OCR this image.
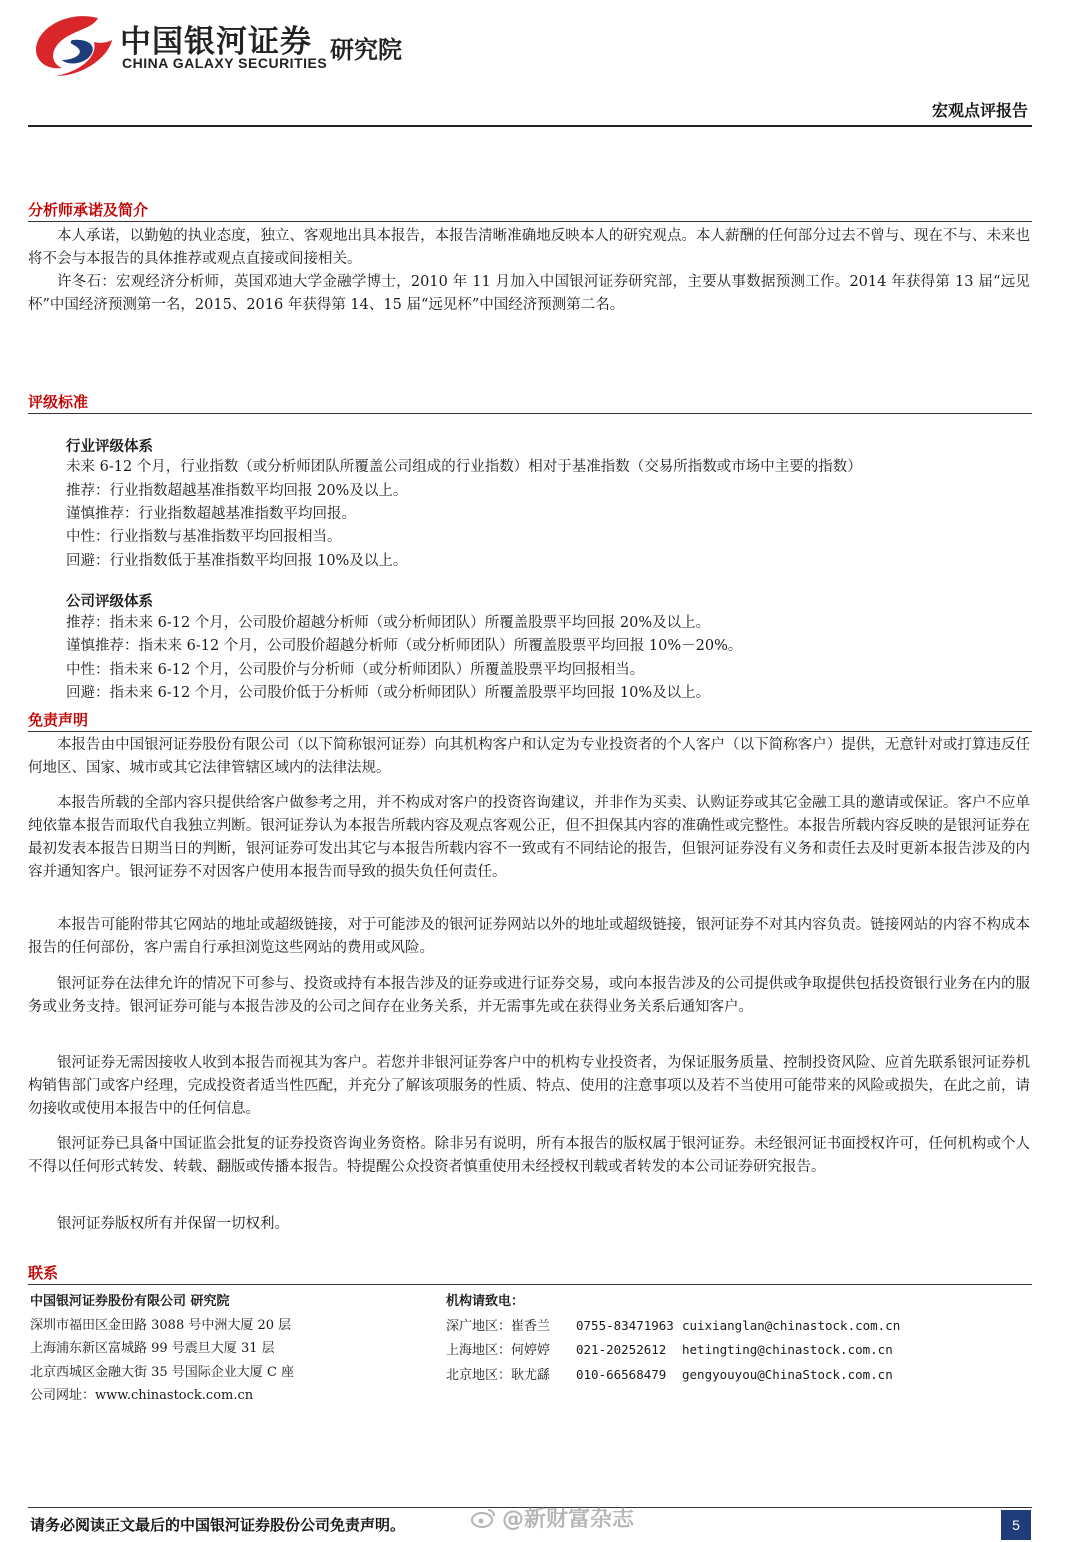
中国银河证券 研究院
CHINA GALAXY SECURITIES
宏观点评报告
分析师承诺及简介
本人承诺，以勤勉的执业态度，独立、客观地出具本报告，本报告清晰准确地反映本人的研究观点。本人薪酬的任何部分过去不曾与、现在不与、未来也将不会与本报告的具体推荐或观点直接或间接相关。
许冬石：宏观经济分析师，英国邓迪大学金融学博士，2010 年 11 月加入中国银河证券研究部，主要从事数据预测工作。2014 年获得第 13 届“远见杯”中国经济预测第一名，2015、2016 年获得第 14、15 届“远见杯”中国经济预测第二名。
评级标准
行业评级体系
未来 6-12 个月，行业指数（或分析师团队所覆盖公司组成的行业指数）相对于基准指数（交易所指数或市场中主要的指数）
推荐：行业指数超越基准指数平均回报 20%及以上。
谨慎推荐：行业指数超越基准指数平均回报。
中性：行业指数与基准指数平均回报相当。
回避：行业指数低于基准指数平均回报 10%及以上。
公司评级体系
推荐：指未来 6-12 个月，公司股价超越分析师（或分析师团队）所覆盖股票平均回报 20%及以上。
谨慎推荐：指未来 6-12 个月，公司股价超越分析师（或分析师团队）所覆盖股票平均回报 10%－20%。
中性：指未来 6-12 个月，公司股价与分析师（或分析师团队）所覆盖股票平均回报相当。
回避：指未来 6-12 个月，公司股价低于分析师（或分析师团队）所覆盖股票平均回报 10%及以上。
免责声明
本报告由中国银河证券股份有限公司（以下简称银河证券）向其机构客户和认定为专业投资者的个人客户（以下简称客户）提供，无意针对或打算违反任何地区、国家、城市或其它法律管辖区域内的法律法规。
本报告所载的全部内容只提供给客户做参考之用，并不构成对客户的投资咨询建议，并非作为买卖、认购证券或其它金融工具的邀请或保证。客户不应单纯依靠本报告而取代自我独立判断。银河证券认为本报告所载内容及观点客观公正，但不担保其内容的准确性或完整性。本报告所载内容反映的是银河证券在最初发表本报告日期当日的判断，银河证券可发出其它与本报告所载内容不一致或有不同结论的报告，但银河证券没有义务和责任去及时更新本报告涉及的内容并通知客户。银河证券不对因客户使用本报告而导致的损失负任何责任。
本报告可能附带其它网站的地址或超级链接，对于可能涉及的银河证券网站以外的地址或超级链接，银河证券不对其内容负责。链接网站的内容不构成本报告的任何部份，客户需自行承担浏览这些网站的费用或风险。
银河证券在法律允许的情况下可参与、投资或持有本报告涉及的证券或进行证券交易，或向本报告涉及的公司提供或争取提供包括投资银行业务在内的服务或业务支持。银河证券可能与本报告涉及的公司之间存在业务关系，并无需事先或在获得业务关系后通知客户。
银河证券无需因接收人收到本报告而视其为客户。若您并非银河证券客户中的机构专业投资者，为保证服务质量、控制投资风险、应首先联系银河证券机构销售部门或客户经理，完成投资者适当性匹配，并充分了解该项服务的性质、特点、使用的注意事项以及若不当使用可能带来的风险或损失，在此之前，请勿接收或使用本报告中的任何信息。
银河证券已具备中国证监会批复的证券投资咨询业务资格。除非另有说明，所有本报告的版权属于银河证券。未经银河证书面授权许可，任何机构或个人不得以任何形式转发、转载、翻版或传播本报告。特提醒公众投资者慎重使用未经授权刊载或者转发的本公司证券研究报告。
银河证券版权所有并保留一切权利。
联系
中国银河证券股份有限公司 研究院
深圳市福田区金田路 3088 号中洲大厦 20 层
上海浦东新区富城路 99 号震旦大厦 31 层
北京西城区金融大街 35 号国际企业大厦 C 座
公司网址：www.chinastock.com.cn
机构请致电：
深广地区：崔香兰 0755-83471963 cuixianglan@chinastock.com.cn
上海地区：何婷婷 021-20252612 hetingting@chinastock.com.cn
北京地区：耿尤繇 010-66568479 gengyouyou@ChinaStock.com.cn
请务必阅读正文最后的中国银河证券股份公司免责声明。	@新财富杂志	5
